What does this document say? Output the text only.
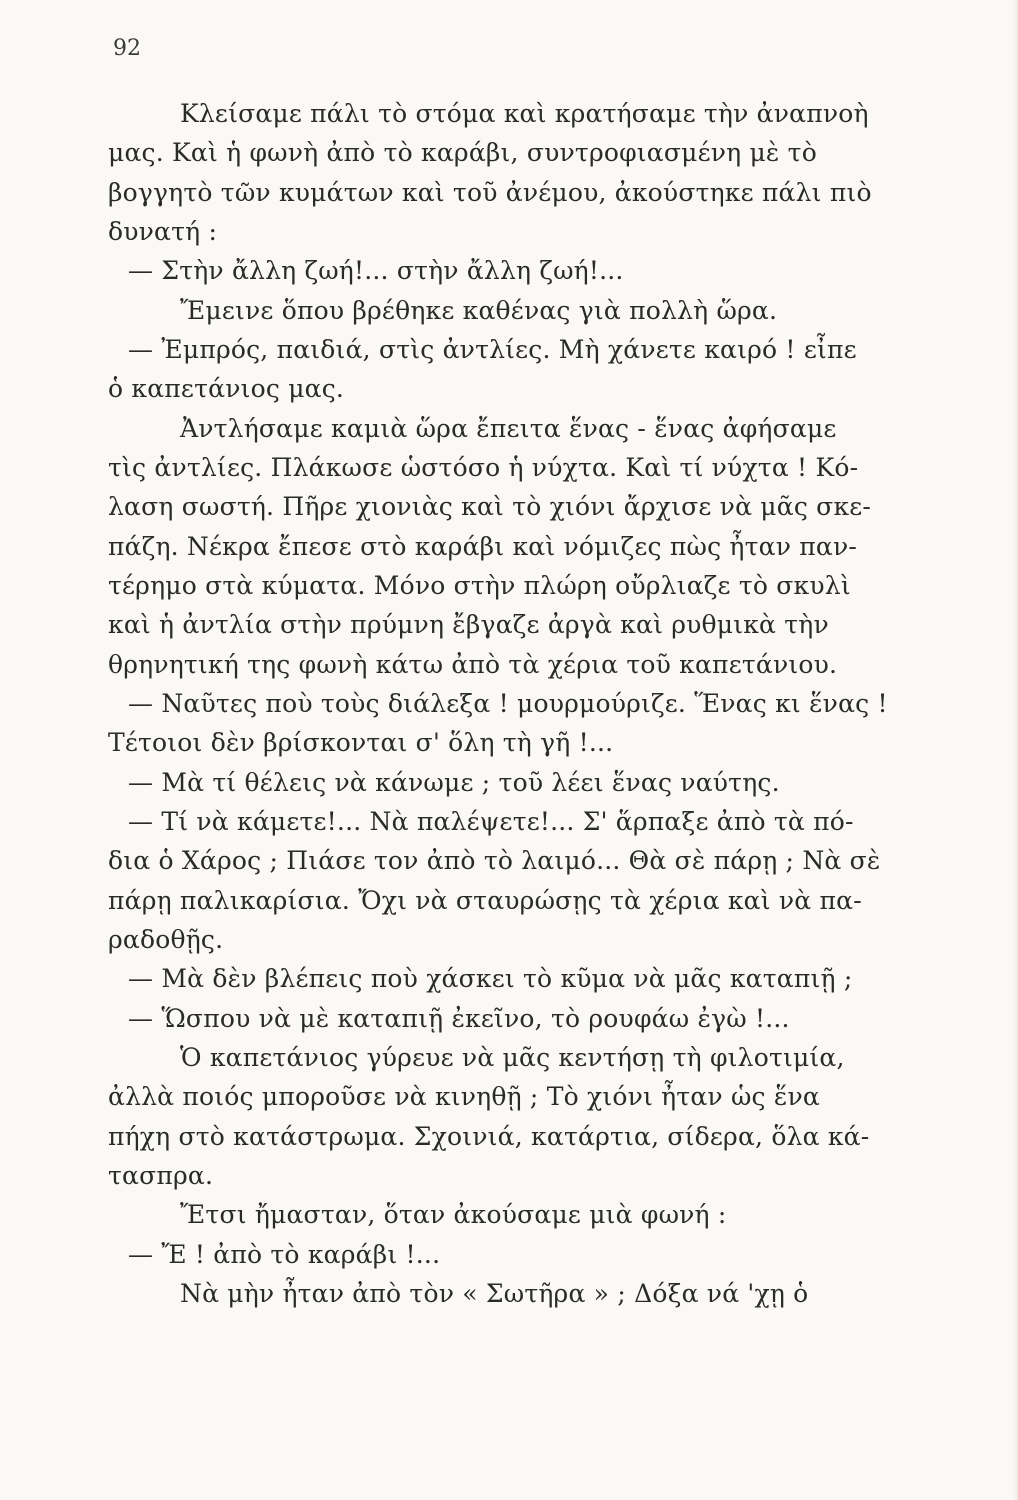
92
Κλείσαμε πάλι τὸ στόμα καὶ κρατήσαμε τὴν ἀναπνοὴ
μας. Καὶ ἡ φωνὴ ἀπὸ τὸ καράβι, συντροφιασμένη μὲ τὸ
βογγητὸ τῶν κυμάτων καὶ τοῦ ἀνέμου, ἀκούστηκε πάλι πιὸ
δυνατή :
— Στὴν ἄλλη ζωή!... στὴν ἄλλη ζωή!...
Ἔμεινε ὅπου βρέθηκε καθένας γιὰ πολλὴ ὥρα.
— Ἐμπρός, παιδιά, στὶς ἀντλίες. Μὴ χάνετε καιρό ! εἶπε
ὁ καπετάνιος μας.
Ἀντλήσαμε καμιὰ ὥρα ἔπειτα ἕνας - ἕνας ἀφήσαμε
τὶς ἀντλίες. Πλάκωσε ὡστόσο ἡ νύχτα. Καὶ τί νύχτα ! Κό-
λαση σωστή. Πῆρε χιονιὰς καὶ τὸ χιόνι ἄρχισε νὰ μᾶς σκε-
πάζη. Νέκρα ἔπεσε στὸ καράβι καὶ νόμιζες πὼς ἦταν παν-
τέρημο στὰ κύματα. Μόνο στὴν πλώρη οὔρλιαζε τὸ σκυλὶ
καὶ ἡ ἀντλία στὴν πρύμνη ἔβγαζε ἀργὰ καὶ ρυθμικὰ τὴν
θρηνητική της φωνὴ κάτω ἀπὸ τὰ χέρια τοῦ καπετάνιου.
— Ναῦτες ποὺ τοὺς διάλεξα ! μουρμούριζε. Ἕνας κι ἕνας !
Τέτοιοι δὲν βρίσκονται σ' ὅλη τὴ γῆ !...
— Μὰ τί θέλεις νὰ κάνωμε ; τοῦ λέει ἕνας ναύτης.
— Τί νὰ κάμετε!... Νὰ παλέψετε!... Σ' ἅρπαξε ἀπὸ τὰ πό-
δια ὁ Χάρος ; Πιάσε τον ἀπὸ τὸ λαιμό... Θὰ σὲ πάρῃ ; Νὰ σὲ
πάρῃ παλικαρίσια. Ὄχι νὰ σταυρώσῃς τὰ χέρια καὶ νὰ πα-
ραδοθῇς.
— Μὰ δὲν βλέπεις ποὺ χάσκει τὸ κῦμα νὰ μᾶς καταπιῇ ;
— Ὥσπου νὰ μὲ καταπιῇ ἐκεῖνο, τὸ ρουφάω ἐγὼ !...
Ὁ καπετάνιος γύρευε νὰ μᾶς κεντήσῃ τὴ φιλοτιμία,
ἀλλὰ ποιός μποροῦσε νὰ κινηθῇ ; Τὸ χιόνι ἦταν ὡς ἕνα
πήχη στὸ κατάστρωμα. Σχοινιά, κατάρτια, σίδερα, ὅλα κά-
τασπρα.
Ἔτσι ἤμασταν, ὅταν ἀκούσαμε μιὰ φωνή :
— Ἔ ! ἀπὸ τὸ καράβι !...
Νὰ μὴν ἦταν ἀπὸ τὸν « Σωτῆρα » ; Δόξα νά 'χῃ ὁ
